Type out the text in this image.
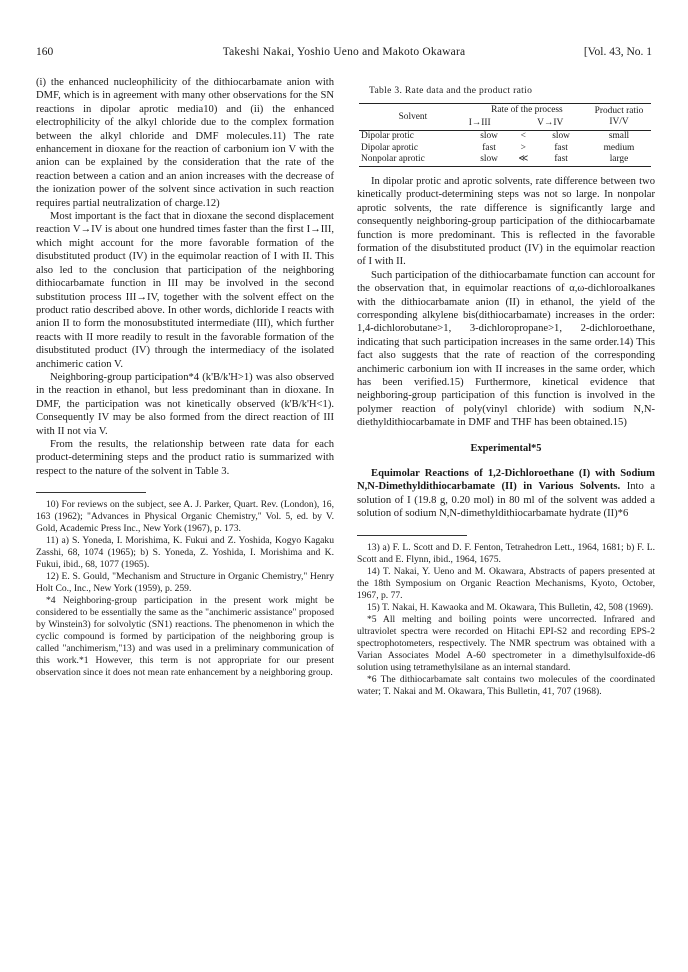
160	Takeshi Nakai, Yoshio Ueno and Makoto Okawara	[Vol. 43, No. 1

(i) the enhanced nucleophilicity of the dithiocarbamate anion with DMF, which is in agreement with many other observations for the SN reactions in dipolar aprotic media10) and (ii) the enhanced electrophilicity of the alkyl chloride due to the complex formation between the alkyl chloride and DMF molecules.11) The rate enhancement in dioxane for the reaction of carbonium ion V with the anion can be explained by the consideration that the rate of the reaction between a cation and an anion increases with the decrease of the ionization power of the solvent since activation in such reaction requires partial neutralization of charge.12)

Most important is the fact that in dioxane the second displacement reaction V→IV is about one hundred times faster than the first I→III, which might account for the more favorable formation of the disubstituted product (IV) in the equimolar reaction of I with II. This also led to the conclusion that participation of the neighboring dithiocarbamate function in III may be involved in the second substitution process III→IV, together with the solvent effect on the product ratio described above. In other words, dichloride I reacts with anion II to form the monosubstituted intermediate (III), which further reacts with II more readily to result in the favorable formation of the disubstituted product (IV) through the intermediacy of the isolated anchimeric cation V.

Neighboring-group participation*4 (k'B/k'H>1) was also observed in the reaction in ethanol, but less predominant than in dioxane. In DMF, the participation was not kinetically observed (k'B/k'H<1). Consequently IV may be also formed from the direct reaction of III with II not via V.

From the results, the relationship between rate data for each product-determining steps and the product ratio is summarized with respect to the nature of the solvent in Table 3.

10) For reviews on the subject, see A. J. Parker, Quart. Rev. (London), 16, 163 (1962); "Advances in Physical Organic Chemistry," Vol. 5, ed. by V. Gold, Academic Press Inc., New York (1967), p. 173.

11) a) S. Yoneda, I. Morishima, K. Fukui and Z. Yoshida, Kogyo Kagaku Zasshi, 68, 1074 (1965); b) S. Yoneda, Z. Yoshida, I. Morishima and K. Fukui, ibid., 68, 1077 (1965).

12) E. S. Gould, "Mechanism and Structure in Organic Chemistry," Henry Holt Co., Inc., New York (1959), p. 259.

*4 Neighboring-group participation in the present work might be considered to be essentially the same as the "anchimeric assistance" proposed by Winstein3) for solvolytic (SN1) reactions. The phenomenon in which the cyclic compound is formed by participation of the neighboring group is called "anchimerism,"13) and was used in a preliminary communication of this work.*1 However, this term is not appropriate for our present observation since it does not mean rate enhancement by a neighboring group.

Table 3. Rate data and the product ratio
Solvent	Rate of the process			Product ratio IV/V
	I→III		V→IV	
Dipolar protic	slow	<	slow	small
Dipolar aprotic	fast	>	fast	medium
Nonpolar aprotic	slow	≪	fast	large

In dipolar protic and aprotic solvents, rate difference between two kinetically product-determining steps was not so large. In nonpolar aprotic solvents, the rate difference is significantly large and consequently neighboring-group participation of the dithiocarbamate function is more predominant. This is reflected in the favorable formation of the disubstituted product (IV) in the equimolar reaction of I with II.

Such participation of the dithiocarbamate function can account for the observation that, in equimolar reactions of α,ω-dichloroalkanes with the dithiocarbamate anion (II) in ethanol, the yield of the corresponding alkylene bis(dithiocarbamate) increases in the order: 1,4-dichlorobutane>1, 3-dichloropropane>1, 2-dichloroethane, indicating that such participation increases in the same order.14) This fact also suggests that the rate of reaction of the corresponding anchimeric carbonium ion with II increases in the same order, which has been verified.15) Furthermore, kinetical evidence that neighboring-group participation of this function is involved in the polymer reaction of poly(vinyl chloride) with sodium N,N-diethyldithiocarbamate in DMF and THF has been obtained.15)

Experimental*5

Equimolar Reactions of 1,2-Dichloroethane (I) with Sodium N,N-Dimethyldithiocarbamate (II) in Various Solvents. Into a solution of I (19.8 g, 0.20 mol) in 80 ml of the solvent was added a solution of sodium N,N-dimethyldithiocarbamate hydrate (II)*6

13) a) F. L. Scott and D. F. Fenton, Tetrahedron Lett., 1964, 1681; b) F. L. Scott and E. Flynn, ibid., 1964, 1675.

14) T. Nakai, Y. Ueno and M. Okawara, Abstracts of papers presented at the 18th Symposium on Organic Reaction Mechanisms, Kyoto, October, 1967, p. 77.

15) T. Nakai, H. Kawaoka and M. Okawara, This Bulletin, 42, 508 (1969).

*5 All melting and boiling points were uncorrected. Infrared and ultraviolet spectra were recorded on Hitachi EPI-S2 and recording EPS-2 spectrophotometers, respectively. The NMR spectrum was obtained with a Varian Associates Model A-60 spectrometer in a dimethylsulfoxide-d6 solution using tetramethylsilane as an internal standard.

*6 The dithiocarbamate salt contains two molecules of the coordinated water; T. Nakai and M. Okawara, This Bulletin, 41, 707 (1968).
